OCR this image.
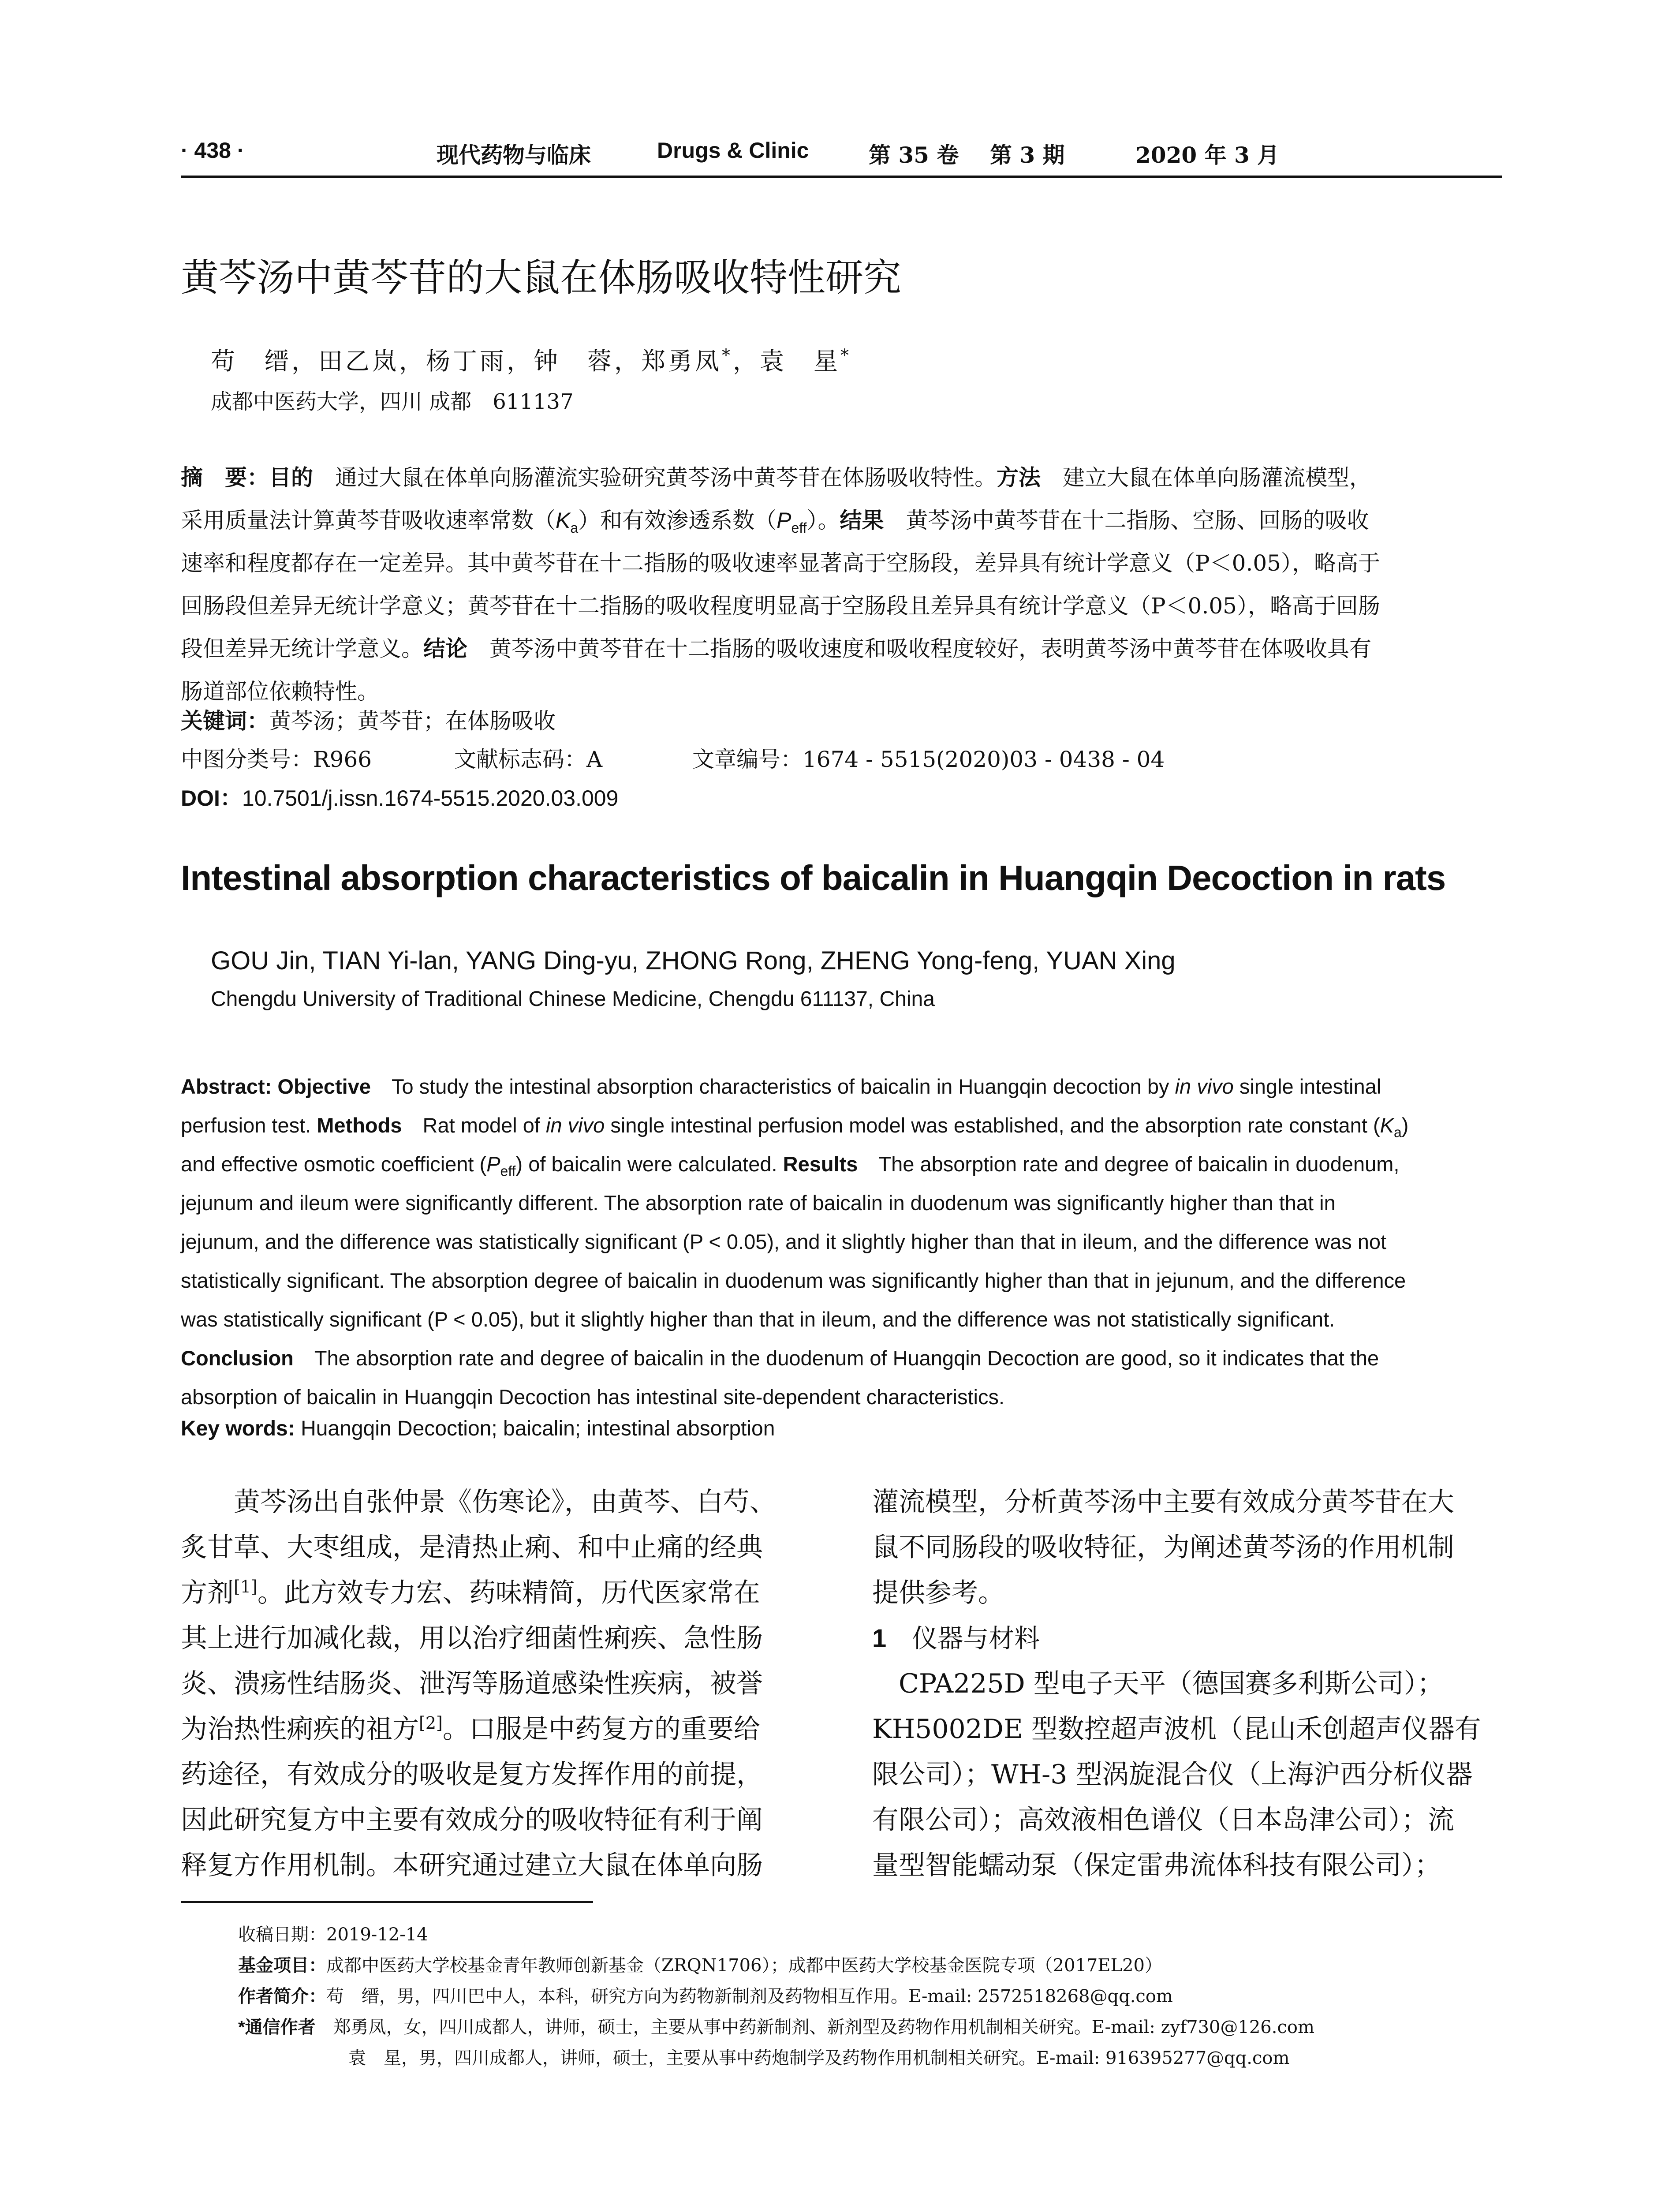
· 438 ·	现代药物与临床	Drugs & Clinic	第 35 卷 第 3 期	2020 年 3 月
黄芩汤中黄芩苷的大鼠在体肠吸收特性研究
苟　缙，田乙岚，杨丁雨，钟　蓉，郑勇凤*，袁　星*
成都中医药大学，四川 成都　611137
摘　要：目的　通过大鼠在体单向肠灌流实验研究黄芩汤中黄芩苷在体肠吸收特性。方法　建立大鼠在体单向肠灌流模型，
采用质量法计算黄芩苷吸收速率常数$(K_a)$和有效渗透系数$(P_{eff})$。结果　黄芩汤中黄芩苷在十二指肠、空肠、回肠的吸收
速率和程度都存在一定差异。其中黄芩苷在十二指肠的吸收速率显著高于空肠段，差异具有统计学意义（P＜0.05），略高于
回肠段但差异无统计学意义；黄芩苷在十二指肠的吸收程度明显高于空肠段且差异具有统计学意义（P＜0.05），略高于回肠
段但差异无统计学意义。结论　黄芩汤中黄芩苷在十二指肠的吸收速度和吸收程度较好，表明黄芩汤中黄芩苷在体吸收具有
肠道部位依赖特性。
关键词：黄芩汤；黄芩苷；在体肠吸收
中图分类号：R966	文献标志码：A	文章编号：1674 - 5515(2020)03 - 0438 - 04
DOI：10.7501/j.issn.1674-5515.2020.03.009
Intestinal absorption characteristics of baicalin in Huangqin Decoction in rats
GOU Jin, TIAN Yi-lan, YANG Ding-yu, ZHONG Rong, ZHENG Yong-feng, YUAN Xing
Chengdu University of Traditional Chinese Medicine, Chengdu 611137, China
Abstract: Objective　To study the intestinal absorption characteristics of baicalin in Huangqin decoction by in vivo single intestinal
perfusion test. Methods　Rat model of in vivo single intestinal perfusion model was established, and the absorption rate constant $(K_a)$
and effective osmotic coefficient $(P_{eff})$ of baicalin were calculated. Results　The absorption rate and degree of baicalin in duodenum,
jejunum and ileum were significantly different. The absorption rate of baicalin in duodenum was significantly higher than that in
jejunum, and the difference was statistically significant (P < 0.05), and it slightly higher than that in ileum, and the difference was not
statistically significant. The absorption degree of baicalin in duodenum was significantly higher than that in jejunum, and the difference
was statistically significant (P < 0.05), but it slightly higher than that in ileum, and the difference was not statistically significant.
Conclusion　The absorption rate and degree of baicalin in the duodenum of Huangqin Decoction are good, so it indicates that the
absorption of baicalin in Huangqin Decoction has intestinal site-dependent characteristics.
Key words: Huangqin Decoction; baicalin; intestinal absorption
　　黄芩汤出自张仲景《伤寒论》，由黄芩、白芍、
炙甘草、大枣组成，是清热止痢、和中止痛的经典
方剂[1]。此方效专力宏、药味精简，历代医家常在
其上进行加减化裁，用以治疗细菌性痢疾、急性肠
炎、溃疡性结肠炎、泄泻等肠道感染性疾病，被誉
为治热性痢疾的祖方[2]。口服是中药复方的重要给
药途径，有效成分的吸收是复方发挥作用的前提，
因此研究复方中主要有效成分的吸收特征有利于阐
释复方作用机制。本研究通过建立大鼠在体单向肠
灌流模型，分析黄芩汤中主要有效成分黄芩苷在大
鼠不同肠段的吸收特征，为阐述黄芩汤的作用机制
提供参考。
1　仪器与材料
　CPA225D 型电子天平（德国赛多利斯公司）；
KH5002DE 型数控超声波机（昆山禾创超声仪器有
限公司）；WH-3 型涡旋混合仪（上海沪西分析仪器
有限公司）；高效液相色谱仪（日本岛津公司）；流
量型智能蠕动泵（保定雷弗流体科技有限公司）；
收稿日期：2019-12-14
基金项目：成都中医药大学校基金青年教师创新基金（ZRQN1706）；成都中医药大学校基金医院专项（2017EL20）
作者简介：苟　缙，男，四川巴中人，本科，研究方向为药物新制剂及药物相互作用。E-mail: 2572518268@qq.com
*通信作者　郑勇凤，女，四川成都人，讲师，硕士，主要从事中药新制剂、新剂型及药物作用机制相关研究。E-mail: zyf730@126.com
袁　星，男，四川成都人，讲师，硕士，主要从事中药炮制学及药物作用机制相关研究。E-mail: 916395277@qq.com
